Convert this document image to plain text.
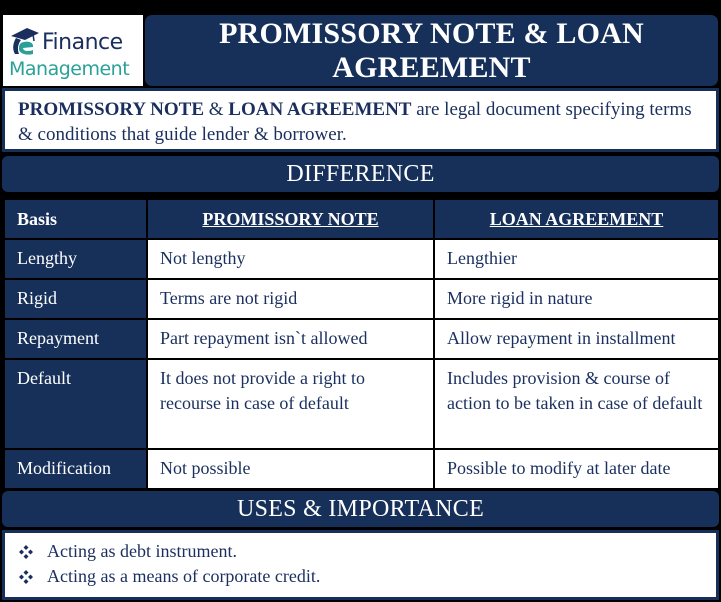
Finance
Management
PROMISSORY NOTE & LOAN AGREEMENT
PROMISSORY NOTE & LOAN AGREEMENT are legal document specifying terms & conditions that guide lender & borrower.
DIFFERENCE
Basis	PROMISSORY NOTE	LOAN AGREEMENT
Lengthy	Not lengthy	Lengthier
Rigid	Terms are not rigid	More rigid in nature
Repayment	Part repayment isn`t allowed	Allow repayment in installment
Default	It does not provide a right to recourse in case of default	Includes provision & course of action to be taken in case of default
Modification	Not possible	Possible to modify at later date
USES & IMPORTANCE
Acting as debt instrument.
Acting as a means of corporate credit.
